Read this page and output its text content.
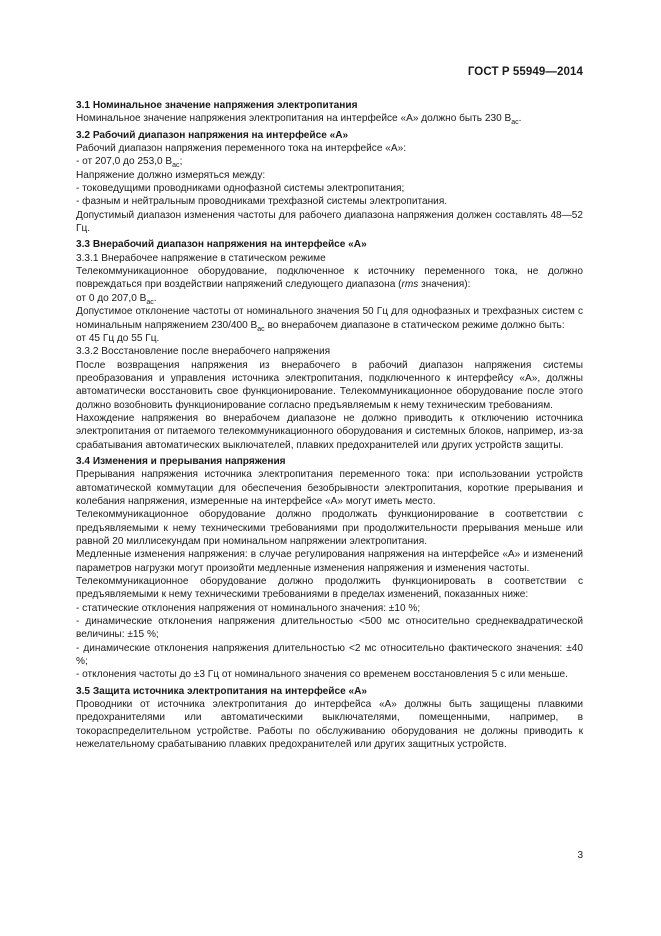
ГОСТ Р 55949—2014

3.1 Номинальное значение напряжения электропитания

Номинальное значение напряжения электропитания на интерфейсе «А» должно быть 230 $В_{ас}$.

3.2 Рабочий диапазон напряжения на интерфейсе «А»

Рабочий диапазон напряжения переменного тока на интерфейсе «А»:

- от 207,0 до 253,0 $В_{ас}$;

Напряжение должно измеряться между:

- токоведущими проводниками однофазной системы электропитания;

- фазным и нейтральным проводниками трехфазной системы электропитания.

Допустимый диапазон изменения частоты для рабочего диапазона напряжения должен составлять 48—52 Гц.

3.3 Внерабочий диапазон напряжения на интерфейсе «А»

3.3.1 Внерабочее напряжение в статическом режиме

Телекоммуникационное оборудование, подключенное к источнику переменного тока, не должно повреждаться при воздействии напряжений следующего диапазона (rms значения):

от 0 до 207,0 $В_{ас}$.

Допустимое отклонение частоты от номинального значения 50 Гц для однофазных и трехфазных систем с номинальным напряжением 230/400 $В_{ас}$ во внерабочем диапазоне в статическом режиме должно быть:

от 45 Гц до 55 Гц.

3.3.2 Восстановление после внерабочего напряжения

После возвращения напряжения из внерабочего в рабочий диапазон напряжения системы преобразования и управления источника электропитания, подключенного к интерфейсу «А», должны автоматически восстановить свое функционирование. Телекоммуникационное оборудование после этого должно возобновить функционирование согласно предъявляемым к нему техническим требованиям.

Нахождение напряжения во внерабочем диапазоне не должно приводить к отключению источника электропитания от питаемого телекоммуникационного оборудования и системных блоков, например, из-за срабатывания автоматических выключателей, плавких предохранителей или других устройств защиты.

3.4 Изменения и прерывания напряжения

Прерывания напряжения источника электропитания переменного тока: при использовании устройств автоматической коммутации для обеспечения безобрывности электропитания, короткие прерывания и колебания напряжения, измеренные на интерфейсе «А» могут иметь место.

Телекоммуникационное оборудование должно продолжать функционирование в соответствии с предъявляемыми к нему техническими требованиями при продолжительности прерывания меньше или равной 20 миллисекундам при номинальном напряжении электропитания.

Медленные изменения напряжения: в случае регулирования напряжения на интерфейсе «А» и изменений параметров нагрузки могут произойти медленные изменения напряжения и изменения частоты.

Телекоммуникационное оборудование должно продолжить функционировать в соответствии с предъявляемыми к нему техническими требованиями в пределах изменений, показанных ниже:

- статические отклонения напряжения от номинального значения: ±10 %;

- динамические отклонения напряжения длительностью <500 мс относительно среднеквадратической величины: ±15 %;

- динамические отклонения напряжения длительностью <2 мс относительно фактического значения: ±40 %;

- отклонения частоты до ±3 Гц от номинального значения со временем восстановления 5 с или меньше.

3.5 Защита источника электропитания на интерфейсе «А»

Проводники от источника электропитания до интерфейса «А» должны быть защищены плавкими предохранителями или автоматическими выключателями, помещенными, например, в токораспределительном устройстве. Работы по обслуживанию оборудования не должны приводить к нежелательному срабатыванию плавких предохранителей или других защитных устройств.

3
